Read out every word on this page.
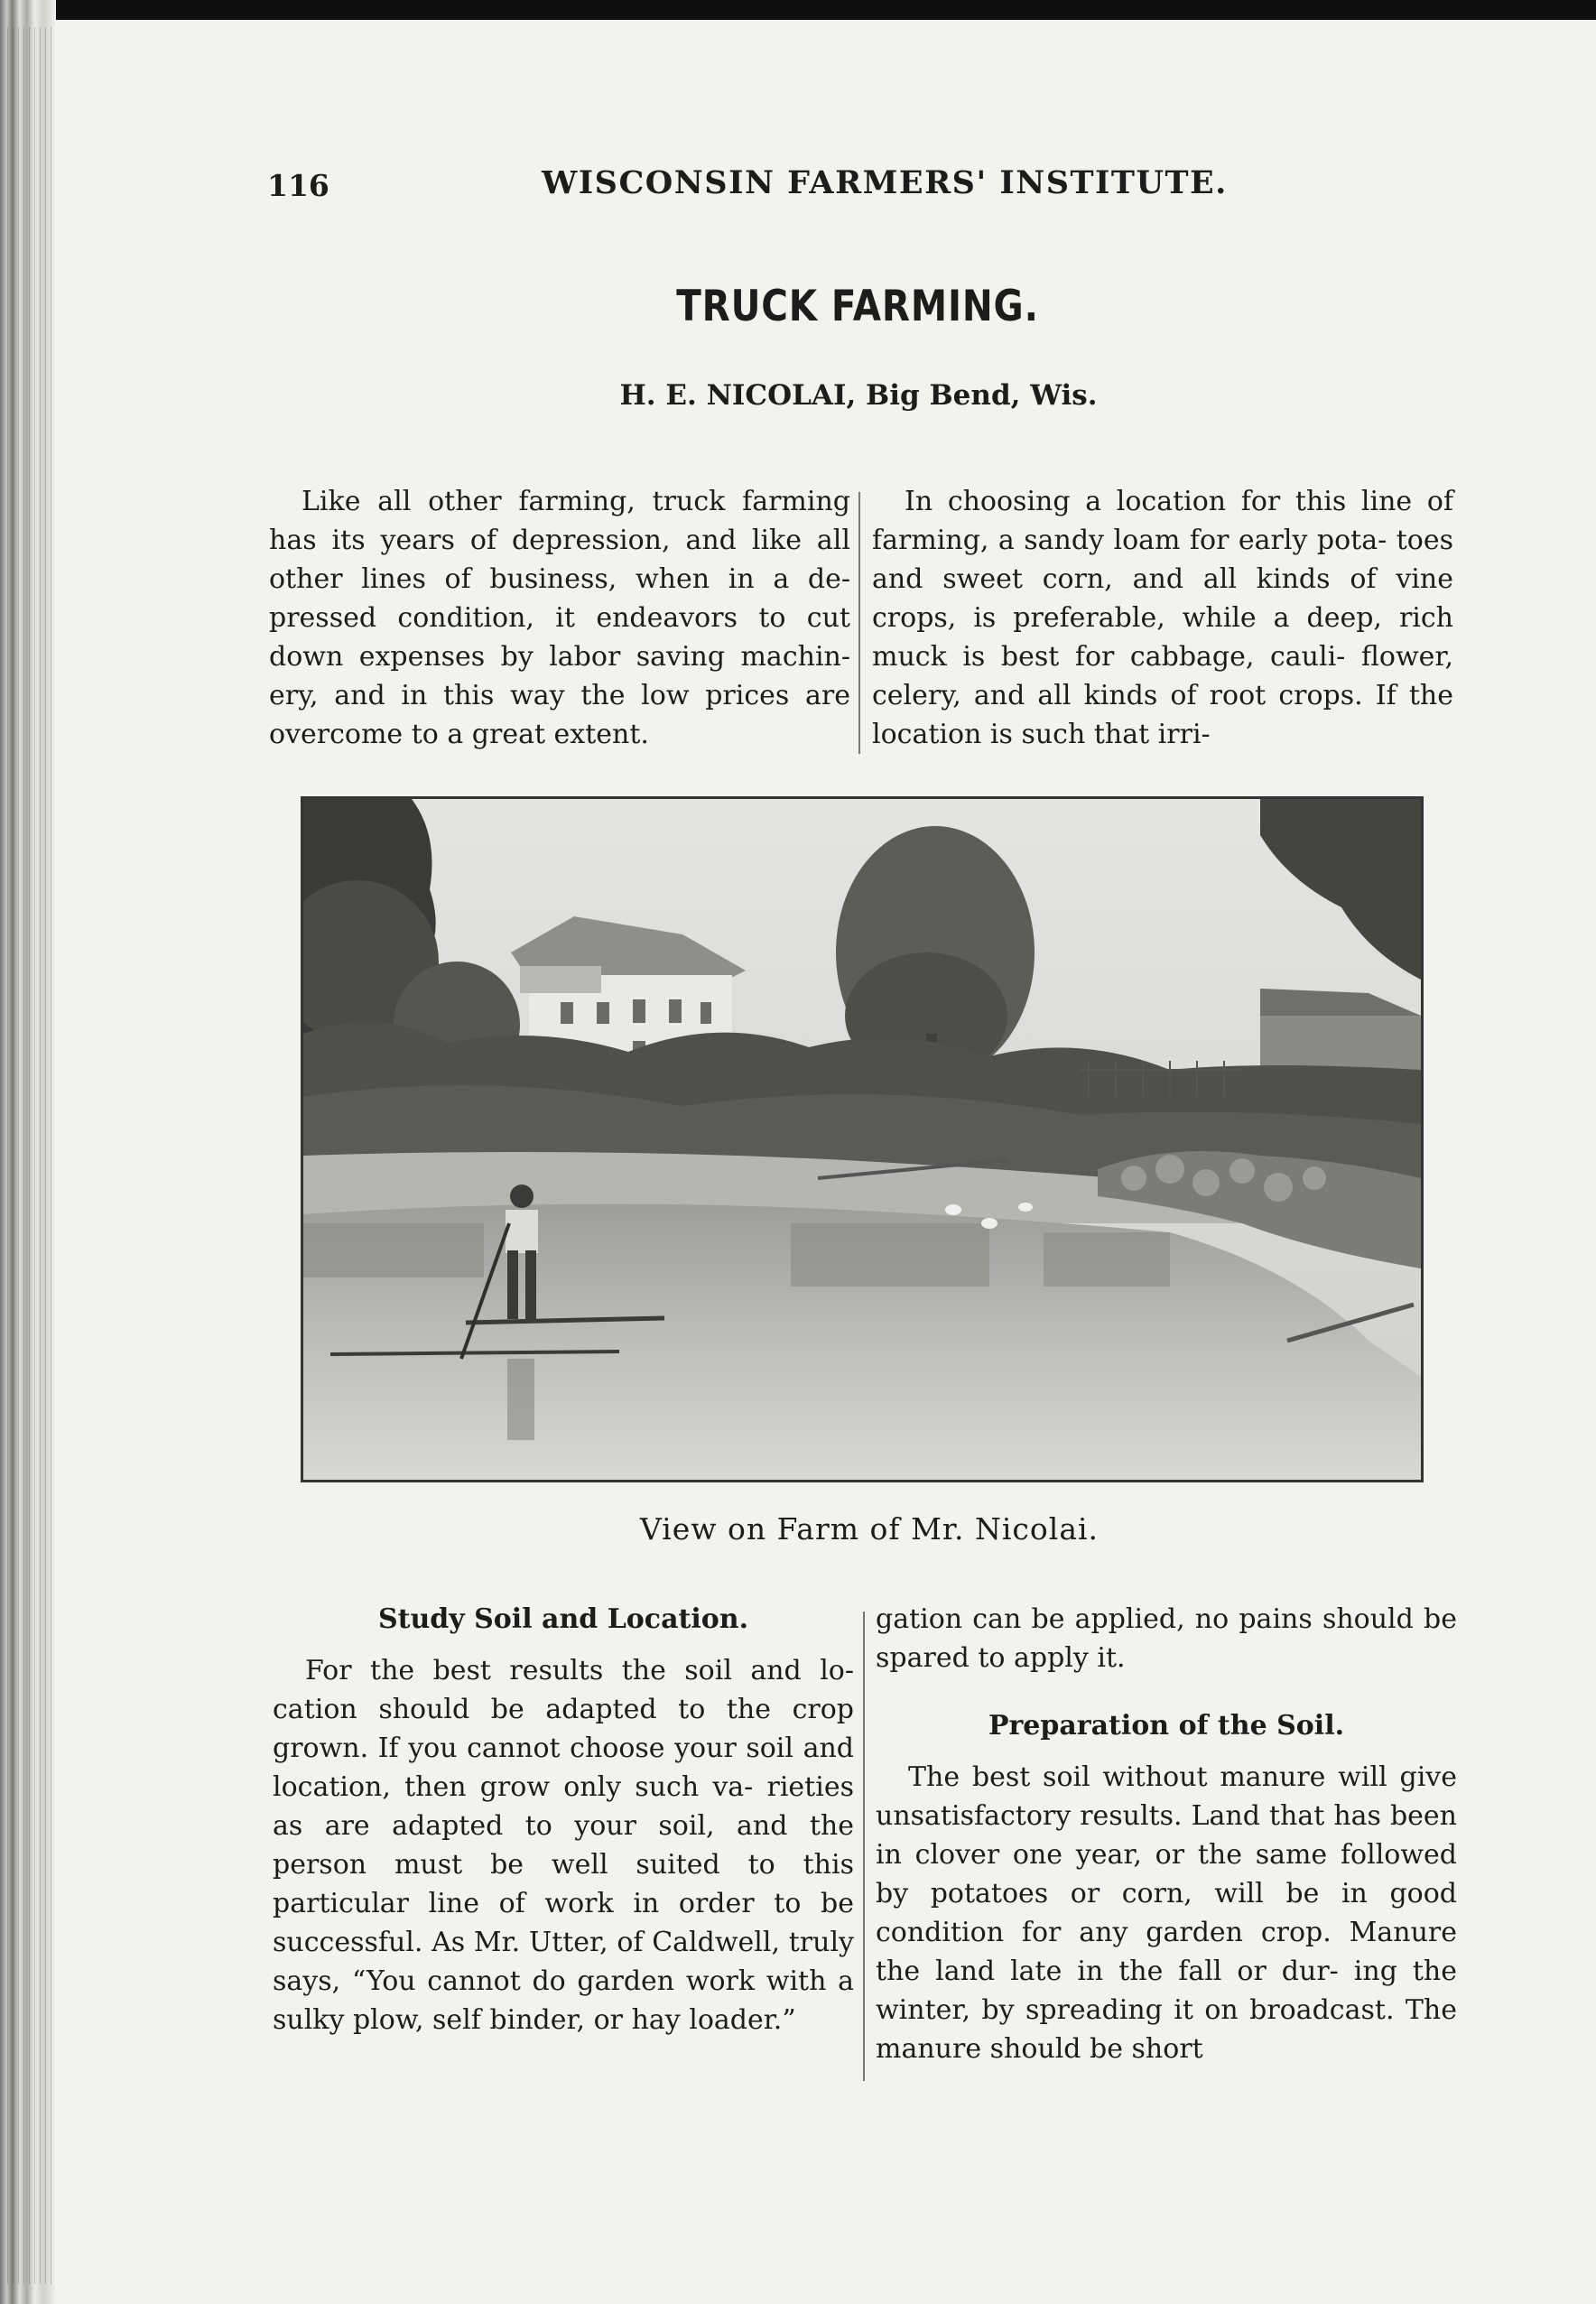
116	WISCONSIN FARMERS' INSTITUTE.
TRUCK FARMING.
H. E. NICOLAI, Big Bend, Wis.

Like all other farming, truck farming has its years of depression, and like all other lines of business, when in a de- pressed condition, it endeavors to cut down expenses by labor saving machin- ery, and in this way the low prices are overcome to a great extent.

In choosing a location for this line of farming, a sandy loam for early pota- toes and sweet corn, and all kinds of vine crops, is preferable, while a deep, rich muck is best for cabbage, cauli- flower, celery, and all kinds of root crops. If the location is such that irri-

View on Farm of Mr. Nicolai.
Study Soil and Location.

For the best results the soil and lo- cation should be adapted to the crop grown. If you cannot choose your soil and location, then grow only such va- rieties as are adapted to your soil, and the person must be well suited to this particular line of work in order to be successful. As Mr. Utter, of Caldwell, truly says, “You cannot do garden work with a sulky plow, self binder, or hay loader.”

gation can be applied, no pains should be spared to apply it.

Preparation of the Soil.

The best soil without manure will give unsatisfactory results. Land that has been in clover one year, or the same followed by potatoes or corn, will be in good condition for any garden crop. Manure the land late in the fall or dur- ing the winter, by spreading it on broadcast. The manure should be short
